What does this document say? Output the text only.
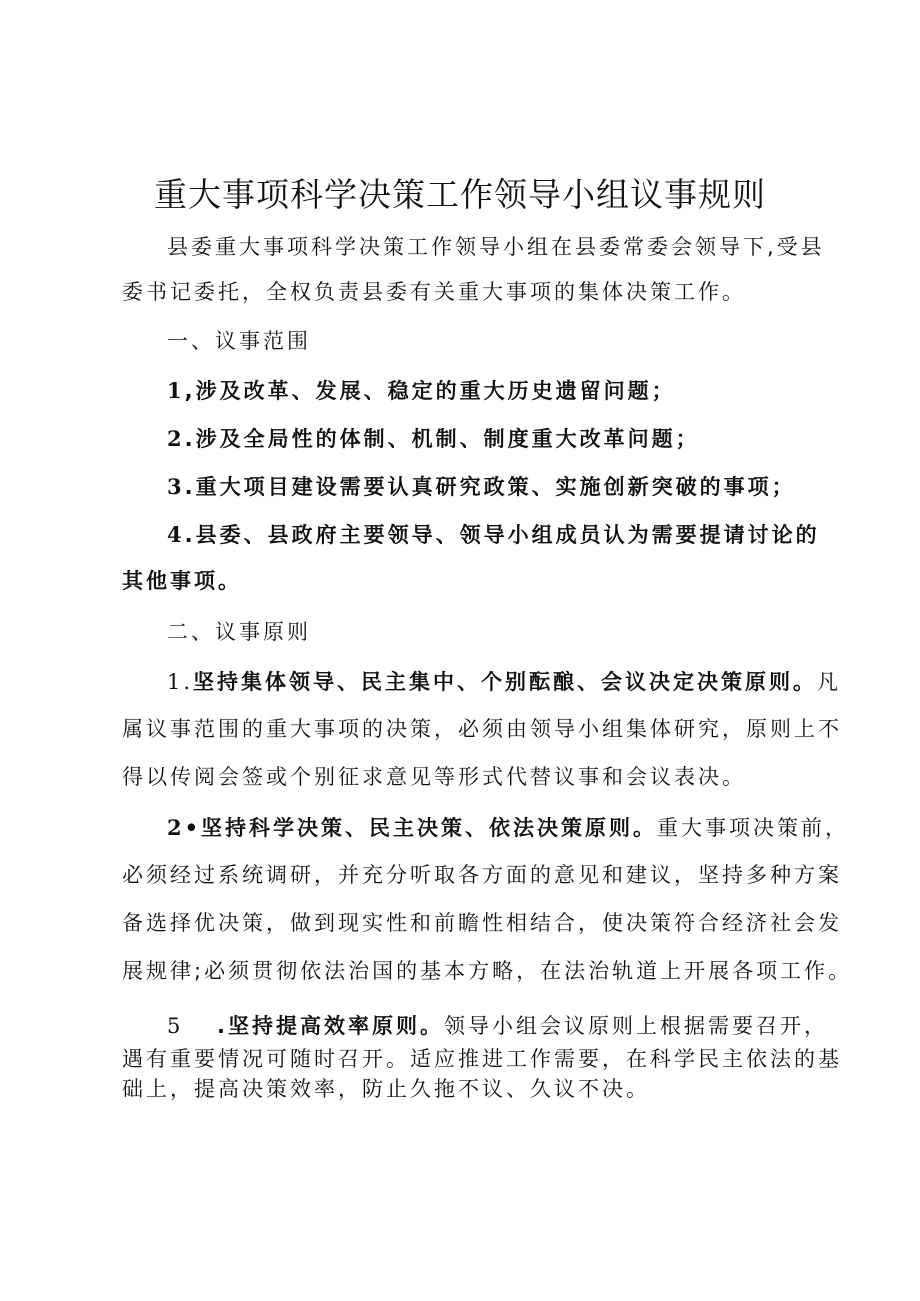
重大事项科学决策工作领导小组议事规则
县委重大事项科学决策工作领导小组在县委常委会领导下,受县
委书记委托，全权负责县委有关重大事项的集体决策工作。
一、议事范围
1,涉及改革、发展、稳定的重大历史遗留问题；
2.涉及全局性的体制、机制、制度重大改革问题；
3.重大项目建设需要认真研究政策、实施创新突破的事项；
4.县委、县政府主要领导、领导小组成员认为需要提请讨论的
其他事项。
二、议事原则
1.坚持集体领导、民主集中、个别酝酿、会议决定决策原则。凡
属议事范围的重大事项的决策，必须由领导小组集体研究，原则上不
得以传阅会签或个别征求意见等形式代替议事和会议表决。
2•坚持科学决策、民主决策、依法决策原则。重大事项决策前，
必须经过系统调研，并充分听取各方面的意见和建议，坚持多种方案
备选择优决策，做到现实性和前瞻性相结合，使决策符合经济社会发
展规律;必须贯彻依法治国的基本方略，在法治轨道上开展各项工作。
5 .坚持提高效率原则。领导小组会议原则上根据需要召开，
遇有重要情况可随时召开。适应推进工作需要，在科学民主依法的基
础上，提高决策效率，防止久拖不议、久议不决。
